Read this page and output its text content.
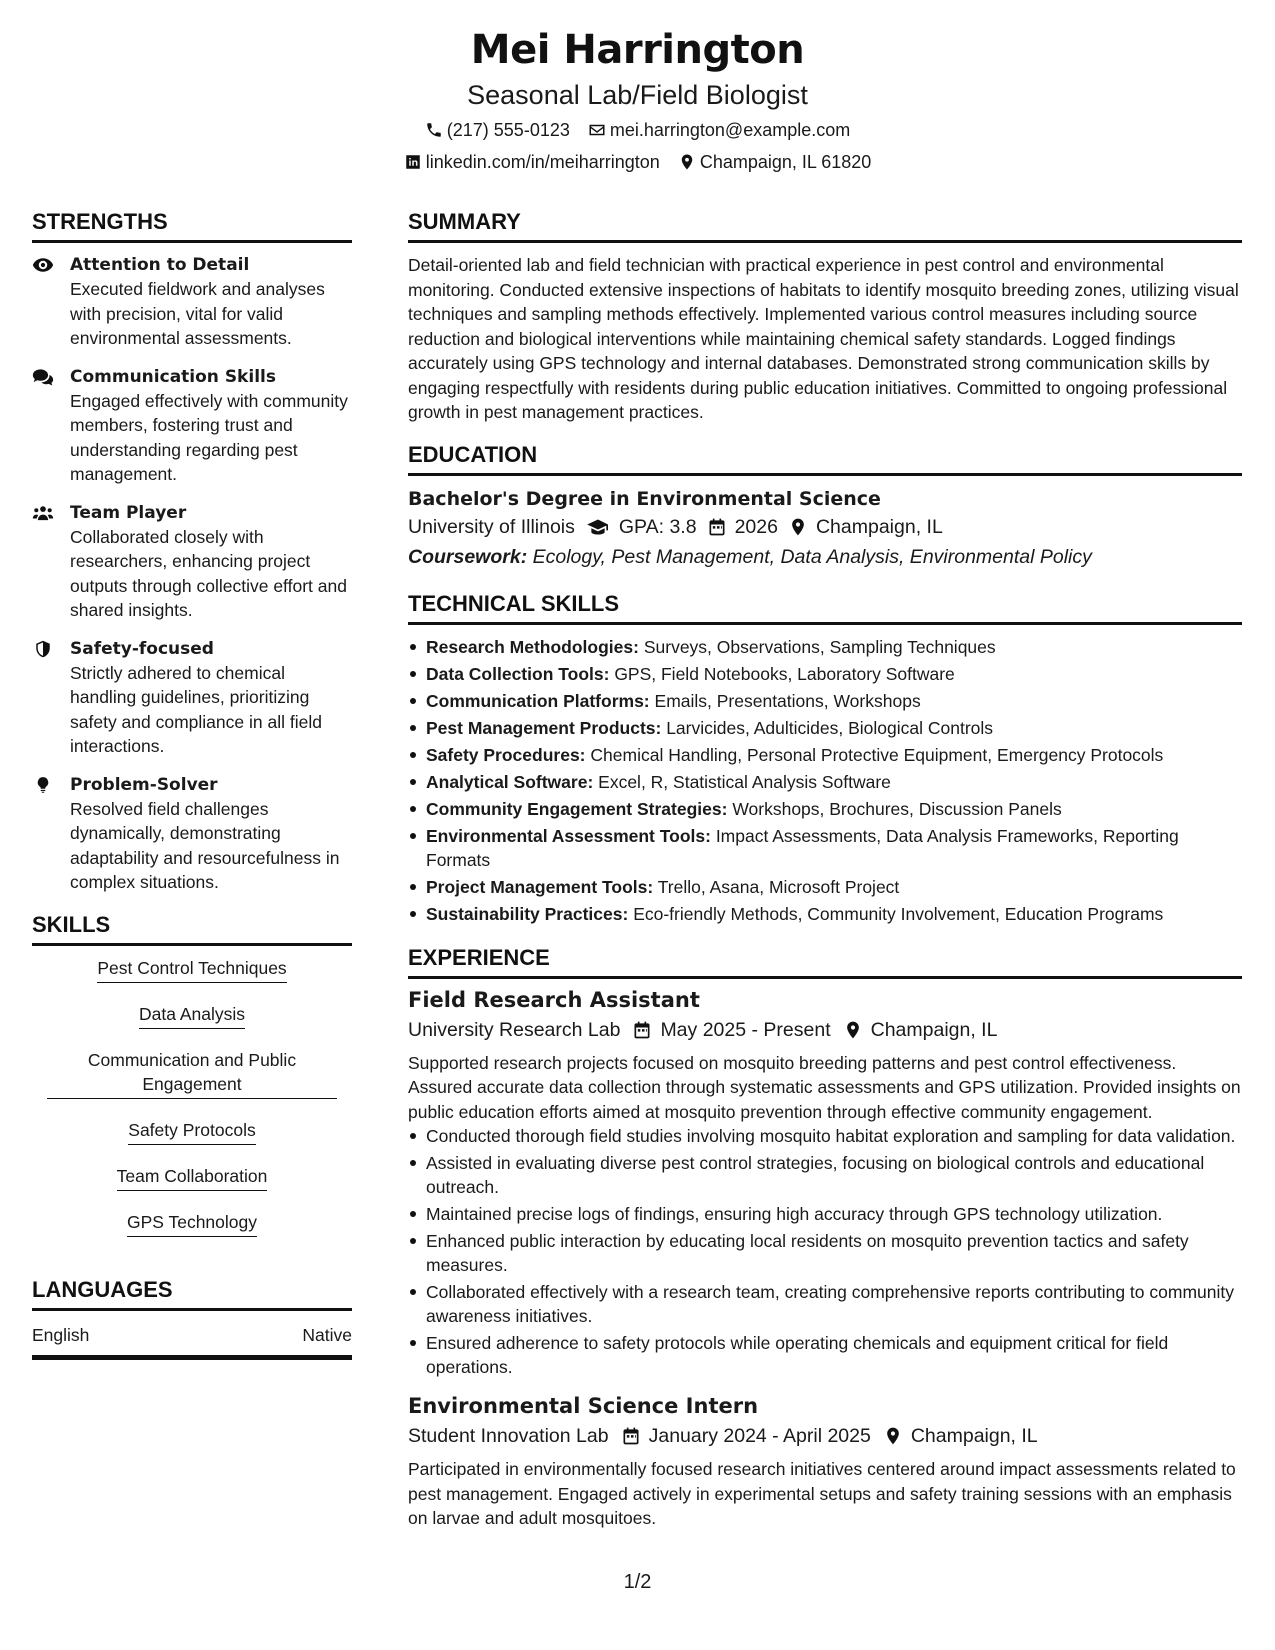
Mei Harrington
Seasonal Lab/Field Biologist
(217) 555-0123 mei.harrington@example.com
linkedin.com/in/meiharrington Champaign, IL 61820
STRENGTHS
Attention to Detail
Executed fieldwork and analyses with precision, vital for valid environmental assessments.
Communication Skills
Engaged effectively with community members, fostering trust and understanding regarding pest management.
Team Player
Collaborated closely with researchers, enhancing project outputs through collective effort and shared insights.
Safety-focused
Strictly adhered to chemical handling guidelines, prioritizing safety and compliance in all field interactions.
Problem-Solver
Resolved field challenges dynamically, demonstrating adaptability and resourcefulness in complex situations.
SKILLS
Pest Control Techniques
Data Analysis
Communication and Public Engagement
Safety Protocols
Team Collaboration
GPS Technology
LANGUAGES
English	Native
SUMMARY
Detail-oriented lab and field technician with practical experience in pest control and environmental monitoring. Conducted extensive inspections of habitats to identify mosquito breeding zones, utilizing visual techniques and sampling methods effectively. Implemented various control measures including source reduction and biological interventions while maintaining chemical safety standards. Logged findings accurately using GPS technology and internal databases. Demonstrated strong communication skills by engaging respectfully with residents during public education initiatives. Committed to ongoing professional growth in pest management practices.
EDUCATION
Bachelor's Degree in Environmental Science
University of Illinois GPA: 3.8 2026 Champaign, IL
Coursework: Ecology, Pest Management, Data Analysis, Environmental Policy
TECHNICAL SKILLS
Research Methodologies: Surveys, Observations, Sampling Techniques
Data Collection Tools: GPS, Field Notebooks, Laboratory Software
Communication Platforms: Emails, Presentations, Workshops
Pest Management Products: Larvicides, Adulticides, Biological Controls
Safety Procedures: Chemical Handling, Personal Protective Equipment, Emergency Protocols
Analytical Software: Excel, R, Statistical Analysis Software
Community Engagement Strategies: Workshops, Brochures, Discussion Panels
Environmental Assessment Tools: Impact Assessments, Data Analysis Frameworks, Reporting Formats
Project Management Tools: Trello, Asana, Microsoft Project
Sustainability Practices: Eco-friendly Methods, Community Involvement, Education Programs
EXPERIENCE
Field Research Assistant
University Research Lab May 2025 - Present Champaign, IL
Supported research projects focused on mosquito breeding patterns and pest control effectiveness. Assured accurate data collection through systematic assessments and GPS utilization. Provided insights on public education efforts aimed at mosquito prevention through effective community engagement.
Conducted thorough field studies involving mosquito habitat exploration and sampling for data validation.
Assisted in evaluating diverse pest control strategies, focusing on biological controls and educational outreach.
Maintained precise logs of findings, ensuring high accuracy through GPS technology utilization.
Enhanced public interaction by educating local residents on mosquito prevention tactics and safety measures.
Collaborated effectively with a research team, creating comprehensive reports contributing to community awareness initiatives.
Ensured adherence to safety protocols while operating chemicals and equipment critical for field operations.
Environmental Science Intern
Student Innovation Lab January 2024 - April 2025 Champaign, IL
Participated in environmentally focused research initiatives centered around impact assessments related to pest management. Engaged actively in experimental setups and safety training sessions with an emphasis on larvae and adult mosquitoes.
1/2
